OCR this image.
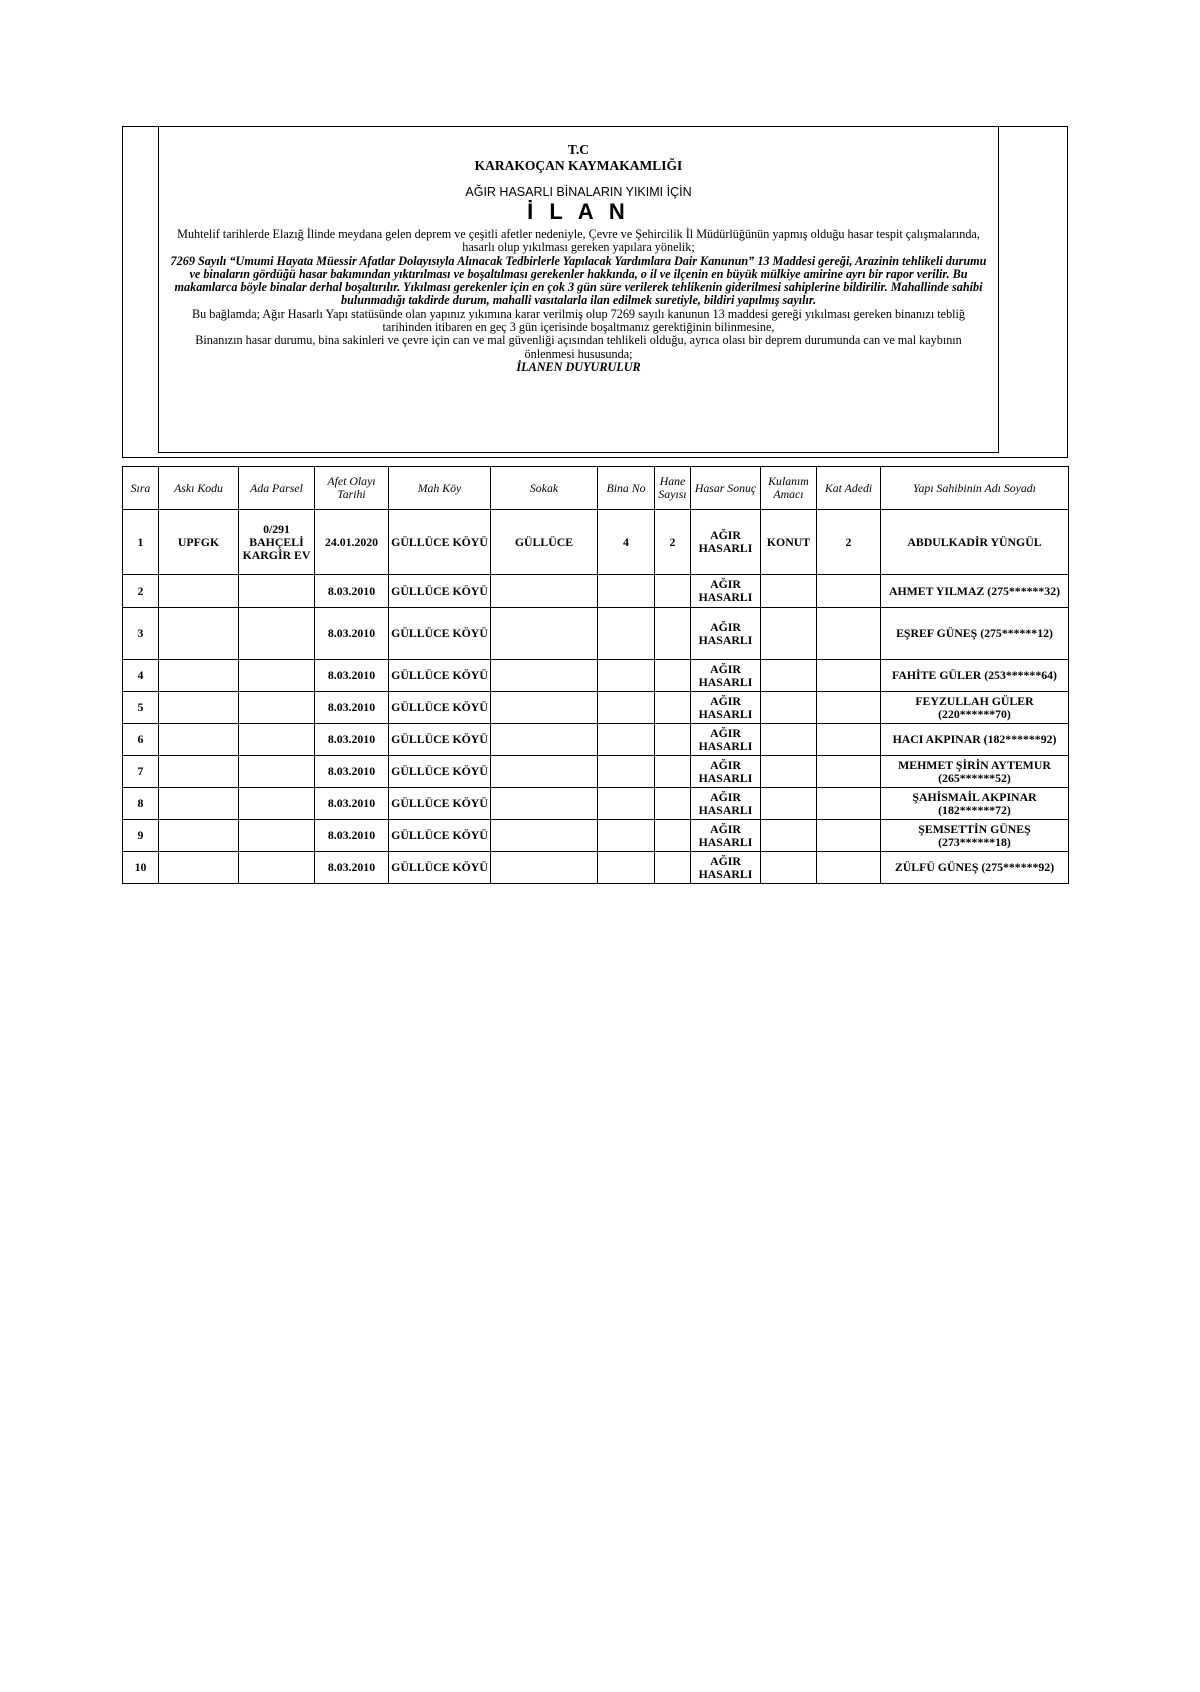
T.C
KARAKOÇAN KAYMAKAMLIĞI
AĞIR HASARLI BİNALARIN YIKIMI İÇİN
İ L A N

Muhtelif tarihlerde Elazığ İlinde meydana gelen deprem ve çeşitli afetler nedeniyle, Çevre ve Şehircilik İl Müdürlüğünün yapmış olduğu hasar tespit çalışmalarında, hasarlı olup yıkılması gereken yapılara yönelik;

7269 Sayılı “Umumi Hayata Müessir Afatlar Dolayısıyla Alınacak Tedbirlerle Yapılacak Yardımlara Dair Kanunun” 13 Maddesi gereği, Arazinin tehlikeli durumu ve binaların gördüğü hasar bakımından yıktırılması ve boşaltılması gerekenler hakkında, o il ve ilçenin en büyük mülkiye amirine ayrı bir rapor verilir. Bu makamlarca böyle binalar derhal boşaltırılır. Yıkılması gerekenler için en çok 3 gün süre verilerek tehlikenin giderilmesi sahiplerine bildirilir. Mahallinde sahibi bulunmadığı takdirde durum, mahalli vasıtalarla ilan edilmek suretiyle, bildiri yapılmış sayılır.

Bu bağlamda; Ağır Hasarlı Yapı statüsünde olan yapınız yıkımına karar verilmiş olup 7269 sayılı kanunun 13 maddesi gereği yıkılması gereken binanızı tebliğ tarihinden itibaren en geç 3 gün içerisinde boşaltmanız gerektiğinin bilinmesine,

Binanızın hasar durumu, bina sakinleri ve çevre için can ve mal güvenliği açısından tehlikeli olduğu, ayrıca olası bir deprem durumunda can ve mal kaybının önlenmesi hususunda;

İLANEN DUYURULUR
Sıra	Askı Kodu	Ada Parsel	Afet Olayı Tarihi	Mah Köy	Sokak	Bina No	Hane Sayısı	Hasar Sonuç	Kulanım Amacı	Kat Adedi	Yapı Sahibinin Adı Soyadı
1	UPFGK	0/291 BAHÇELİ KARGİR EV	24.01.2020	GÜLLÜCE KÖYÜ	GÜLLÜCE	4	2	AĞIR HASARLI	KONUT	2	ABDULKADİR YÜNGÜL
2			8.03.2010	GÜLLÜCE KÖYÜ				AĞIR HASARLI			AHMET YILMAZ (275******32)
3			8.03.2010	GÜLLÜCE KÖYÜ				AĞIR HASARLI			EŞREF GÜNEŞ (275******12)
4			8.03.2010	GÜLLÜCE KÖYÜ				AĞIR HASARLI			FAHİTE GÜLER (253******64)
5			8.03.2010	GÜLLÜCE KÖYÜ				AĞIR HASARLI			FEYZULLAH GÜLER (220******70)
6			8.03.2010	GÜLLÜCE KÖYÜ				AĞIR HASARLI			HACI AKPINAR (182******92)
7			8.03.2010	GÜLLÜCE KÖYÜ				AĞIR HASARLI			MEHMET ŞİRİN AYTEMUR (265******52)
8			8.03.2010	GÜLLÜCE KÖYÜ				AĞIR HASARLI			ŞAHİSMAİL AKPINAR (182******72)
9			8.03.2010	GÜLLÜCE KÖYÜ				AĞIR HASARLI			ŞEMSETTİN GÜNEŞ (273******18)
10			8.03.2010	GÜLLÜCE KÖYÜ				AĞIR HASARLI			ZÜLFÜ GÜNEŞ (275******92)
